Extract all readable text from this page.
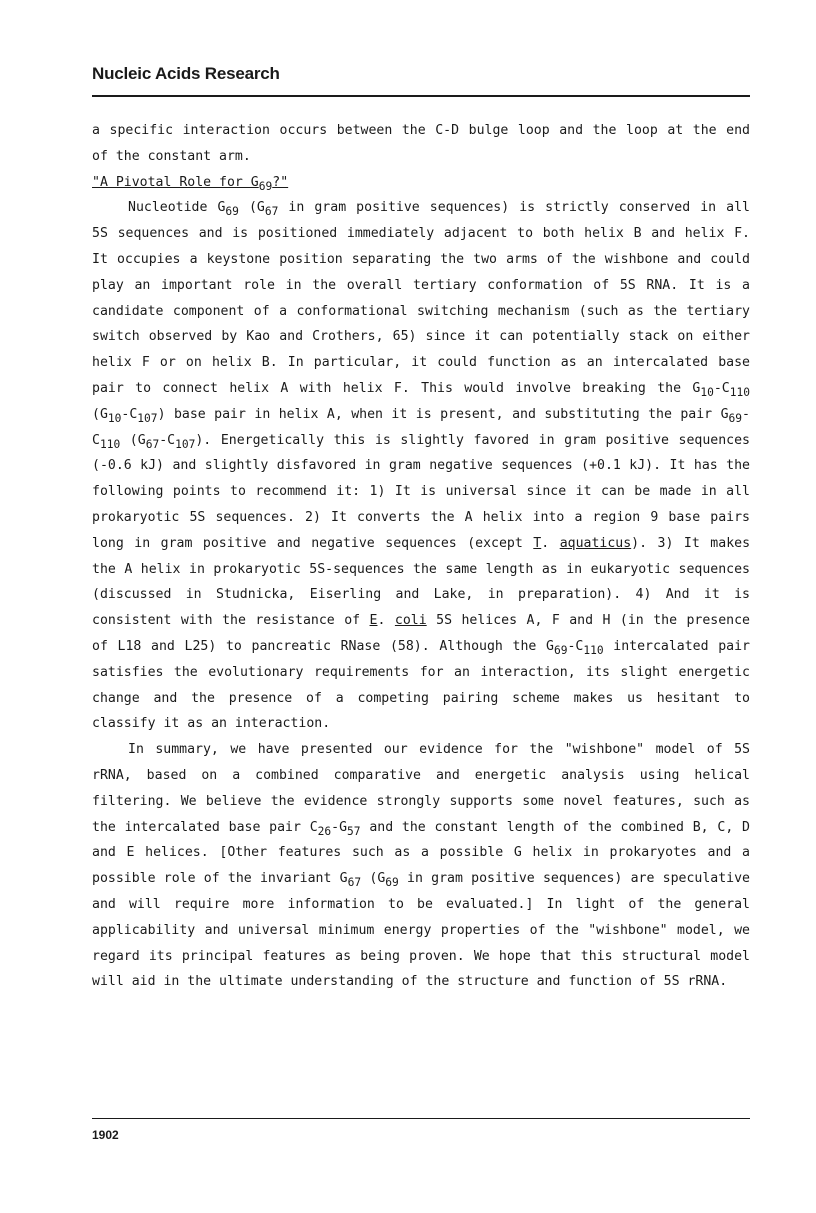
Nucleic Acids Research

a specific interaction occurs between the C-D bulge loop and the loop at the end of the constant arm.

"A Pivotal Role for $G_{69}$?"

Nucleotide $G_{69}$ ($G_{67}$ in gram positive sequences) is strictly conserved in all 5S sequences and is positioned immediately adjacent to both helix B and helix F. It occupies a keystone position separating the two arms of the wishbone and could play an important role in the overall tertiary conformation of 5S RNA. It is a candidate component of a conformational switching mechanism (such as the tertiary switch observed by Kao and Crothers, 65) since it can potentially stack on either helix F or on helix B. In particular, it could function as an intercalated base pair to connect helix A with helix F. This would involve breaking the $G_{10}-C_{110}$ $(G_{10}-C_{107})$ base pair in helix A, when it is present, and substituting the pair $G_{69}-C_{110}$ $(G_{67}-C_{107})$. Energetically this is slightly favored in gram positive sequences (-0.6 kJ) and slightly disfavored in gram negative sequences (+0.1 kJ). It has the following points to recommend it: 1) It is universal since it can be made in all prokaryotic 5S sequences. 2) It converts the A helix into a region 9 base pairs long in gram positive and negative sequences (except T. aquaticus). 3) It makes the A helix in prokaryotic 5S-sequences the same length as in eukaryotic sequences (discussed in Studnicka, Eiserling and Lake, in preparation). 4) And it is consistent with the resistance of E. coli 5S helices A, F and H (in the presence of L18 and L25) to pancreatic RNase (58). Although the $G_{69}-C_{110}$ intercalated pair satisfies the evolutionary requirements for an interaction, its slight energetic change and the presence of a competing pairing scheme makes us hesitant to classify it as an interaction.

In summary, we have presented our evidence for the "wishbone" model of 5S rRNA, based on a combined comparative and energetic analysis using helical filtering. We believe the evidence strongly supports some novel features, such as the intercalated base pair $C_{26}-G_{57}$ and the constant length of the combined B, C, D and E helices. [Other features such as a possible G helix in prokaryotes and a possible role of the invariant $G_{67}$ ($G_{69}$ in gram positive sequences) are speculative and will require more information to be evaluated.] In light of the general applicability and universal minimum energy properties of the "wishbone" model, we regard its principal features as being proven. We hope that this structural model will aid in the ultimate understanding of the structure and function of 5S rRNA.

1902
